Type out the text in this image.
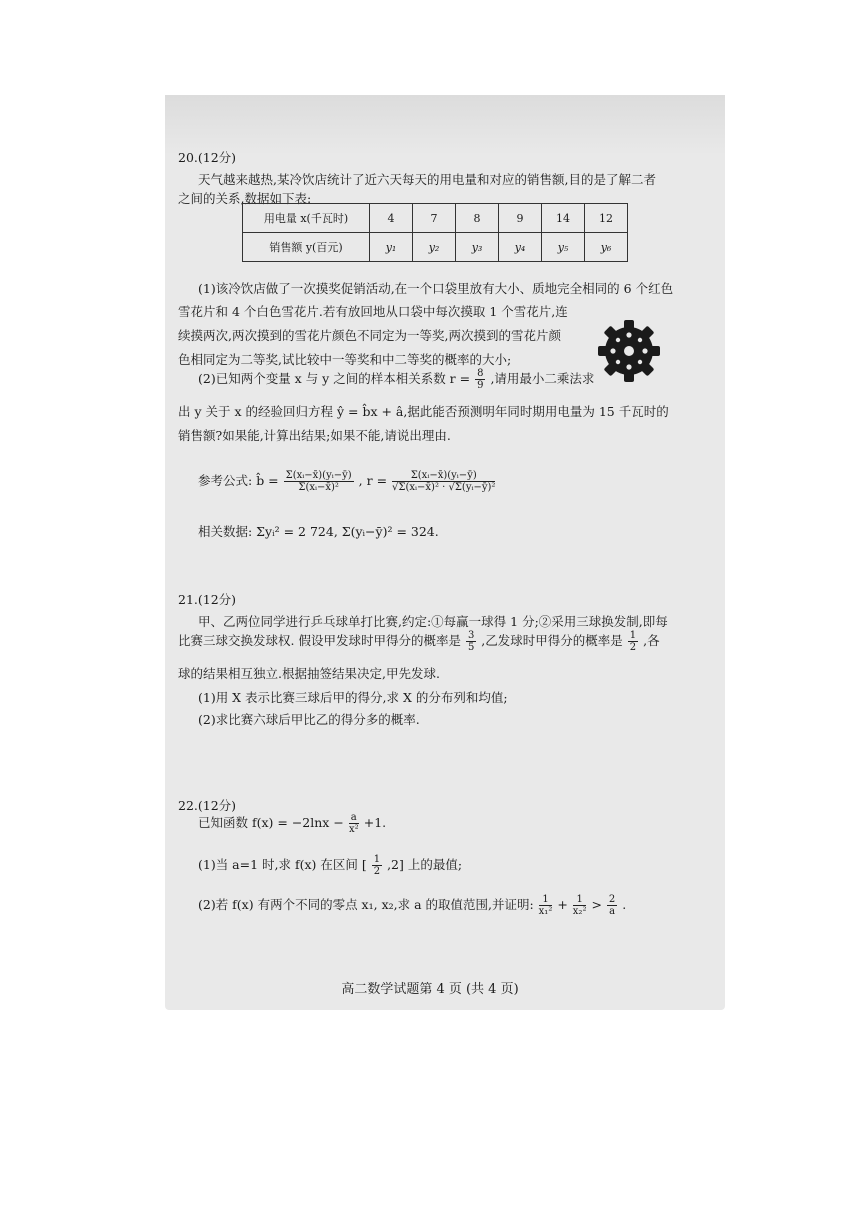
20.(12分)
天气越来越热,某冷饮店统计了近六天每天的用电量和对应的销售额,目的是了解二者
之间的关系,数据如下表:
用电量 x(千瓦时)	4	7	8	9	14	12
销售额 y(百元)	y₁	y₂	y₃	y₄	y₅	y₆
(1)该冷饮店做了一次摸奖促销活动,在一个口袋里放有大小、质地完全相同的 6 个红色
雪花片和 4 个白色雪花片.若有放回地从口袋中每次摸取 1 个雪花片,连
续摸两次,两次摸到的雪花片颜色不同定为一等奖,两次摸到的雪花片颜
色相同定为二等奖,试比较中一等奖和中二等奖的概率的大小;
(2)已知两个变量 x 与 y 之间的样本相关系数 $r = \frac{8}{9}$ ,请用最小二乘法求
出 y 关于 x 的经验回归方程 ŷ = b̂x + â,据此能否预测明年同时期用电量为 15 千瓦时的
销售额?如果能,计算出结果;如果不能,请说出理由.
参考公式: b̂ = $\frac{\text{Σ(xᵢ−x̄)(yᵢ−ȳ)}}{\text{Σ(xᵢ−x̄)²}}$ , $r = \frac{\text{Σ(xᵢ−x̄)(yᵢ−ȳ)}}{\text{√Σ(xᵢ−x̄)² · √Σ(yᵢ−ȳ)²}}$
相关数据: Σyᵢ² = 2 724, Σ(yᵢ−ȳ)² = 324.
21.(12分)
甲、乙两位同学进行乒乓球单打比赛,约定:①每赢一球得 1 分;②采用三球换发制,即每
比赛三球交换发球权. 假设甲发球时甲得分的概率是 $\frac{3}{5}$ ,乙发球时甲得分的概率是 $\frac{1}{2}$ ,各
球的结果相互独立.根据抽签结果决定,甲先发球.
(1)用 X 表示比赛三球后甲的得分,求 X 的分布列和均值;
(2)求比赛六球后甲比乙的得分多的概率.
22.(12分)
已知函数 $f(x) = -2\ln x - \frac{a}{\text{x²}} +1$.
(1)当 a=1 时,求 f(x) 在区间 [ $\frac{1}{2} ,2$] 上的最值;
(2)若 f(x) 有两个不同的零点 x₁, x₂,求 a 的取值范围,并证明: $\frac{1}{\text{x₁²}} + \frac{1}{\text{x₂²}} > \frac{2}{a}$ .
高二数学试题第 4 页 (共 4 页)
